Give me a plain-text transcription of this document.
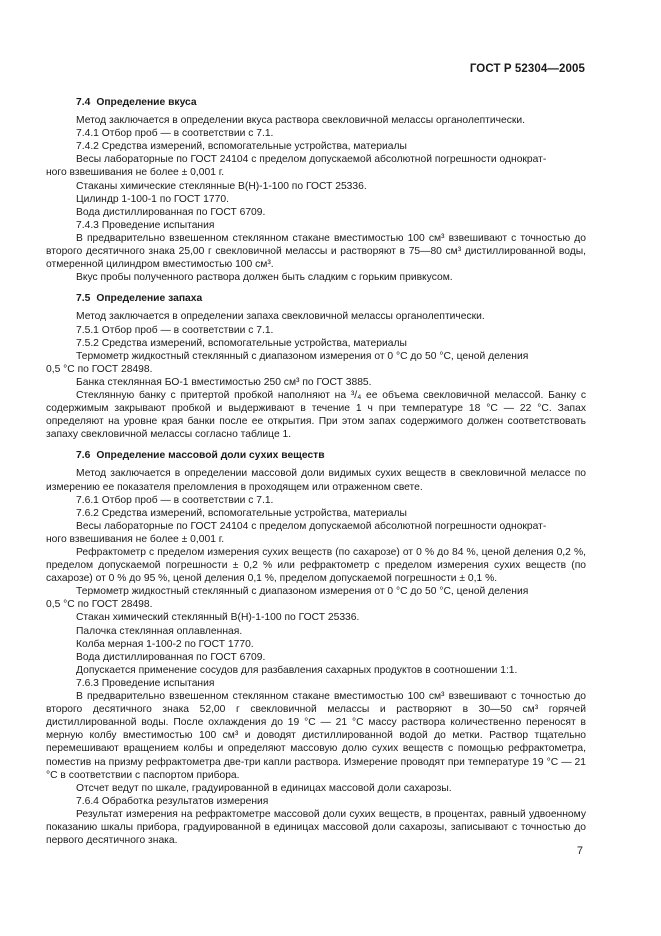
ГОСТ Р 52304—2005
7.4 Определение вкуса

Метод заключается в определении вкуса раствора свекловичной мелассы органолептически.

7.4.1 Отбор проб — в соответствии с 7.1.

7.4.2 Средства измерений, вспомогательные устройства, материалы

Весы лабораторные по ГОСТ 24104 с пределом допускаемой абсолютной погрешности однократ-

ного взвешивания не более ± 0,001 г.

Стаканы химические стеклянные В(Н)-1-100 по ГОСТ 25336.

Цилиндр 1-100-1 по ГОСТ 1770.

Вода дистиллированная по ГОСТ 6709.

7.4.3 Проведение испытания

В предварительно взвешенном стеклянном стакане вместимостью 100 см³ взвешивают с точностью до второго десятичного знака 25,00 г свекловичной мелассы и растворяют в 75—80 см³ дистиллированной воды, отмеренной цилиндром вместимостью 100 см³.

Вкус пробы полученного раствора должен быть сладким с горьким привкусом.

7.5 Определение запаха

Метод заключается в определении запаха свекловичной мелассы органолептически.

7.5.1 Отбор проб — в соответствии с 7.1.

7.5.2 Средства измерений, вспомогательные устройства, материалы

Термометр жидкостный стеклянный с диапазоном измерения от 0 °С до 50 °С, ценой деления

0,5 °С по ГОСТ 28498.

Банка стеклянная БО-1 вместимостью 250 см³ по ГОСТ 3885.

Стеклянную банку с притертой пробкой наполняют на ³/₄ ее объема свекловичной мелассой. Банку с содержимым закрывают пробкой и выдерживают в течение 1 ч при температуре 18 °С — 22 °С. Запах определяют на уровне края банки после ее открытия. При этом запах содержимого должен соответствовать запаху свекловичной мелассы согласно таблице 1.

7.6 Определение массовой доли сухих веществ

Метод заключается в определении массовой доли видимых сухих веществ в свекловичной мелассе по измерению ее показателя преломления в проходящем или отраженном свете.

7.6.1 Отбор проб — в соответствии с 7.1.

7.6.2 Средства измерений, вспомогательные устройства, материалы

Весы лабораторные по ГОСТ 24104 с пределом допускаемой абсолютной погрешности однократ-

ного взвешивания не более ± 0,001 г.

Рефрактометр с пределом измерения сухих веществ (по сахарозе) от 0 % до 84 %, ценой деления 0,2 %, пределом допускаемой погрешности ± 0,2 % или рефрактометр с пределом измерения сухих веществ (по сахарозе) от 0 % до 95 %, ценой деления 0,1 %, пределом допускаемой погрешности ± 0,1 %.

Термометр жидкостный стеклянный с диапазоном измерения от 0 °С до 50 °С, ценой деления

0,5 °С по ГОСТ 28498.

Стакан химический стеклянный В(Н)-1-100 по ГОСТ 25336.

Палочка стеклянная оплавленная.

Колба мерная 1-100-2 по ГОСТ 1770.

Вода дистиллированная по ГОСТ 6709.

Допускается применение сосудов для разбавления сахарных продуктов в соотношении 1:1.

7.6.3 Проведение испытания

В предварительно взвешенном стеклянном стакане вместимостью 100 см³ взвешивают с точностью до второго десятичного знака 52,00 г свекловичной мелассы и растворяют в 30—50 см³ горячей дистиллированной воды. После охлаждения до 19 °С — 21 °С массу раствора количественно переносят в мерную колбу вместимостью 100 см³ и доводят дистиллированной водой до метки. Раствор тщательно перемешивают вращением колбы и определяют массовую долю сухих веществ с помощью рефрактометра, поместив на призму рефрактометра две-три капли раствора. Измерение проводят при температуре 19 °С — 21 °С в соответствии с паспортом прибора.

Отсчет ведут по шкале, градуированной в единицах массовой доли сахарозы.

7.6.4 Обработка результатов измерения

Результат измерения на рефрактометре массовой доли сухих веществ, в процентах, равный удвоенному показанию шкалы прибора, градуированной в единицах массовой доли сахарозы, записывают с точностью до первого десятичного знака.

7
